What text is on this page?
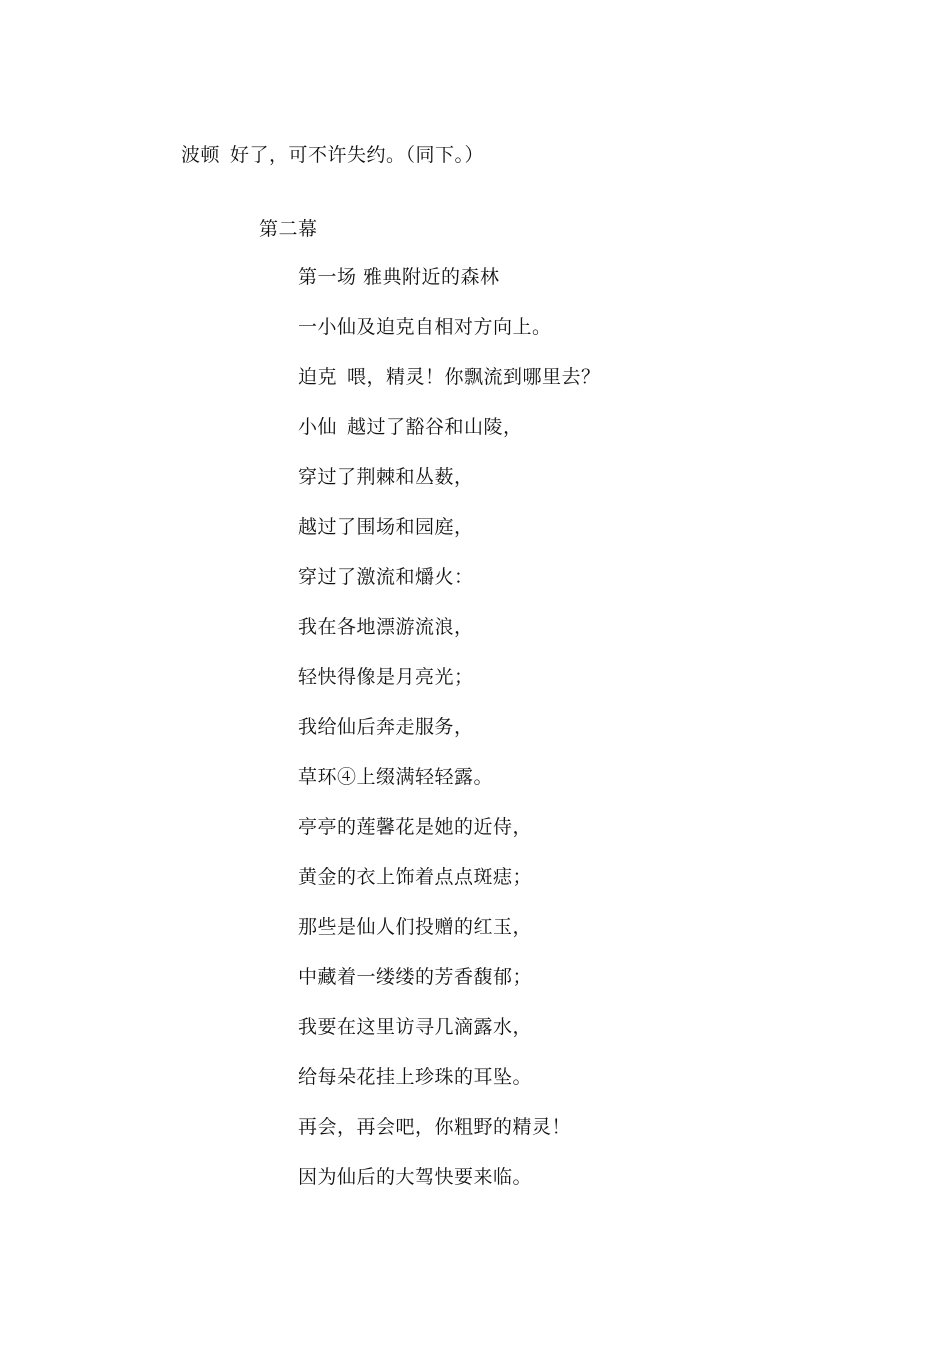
波顿 好了，可不许失约。（同下。）
第二幕
第一场 雅典附近的森林
一小仙及迫克自相对方向上。
迫克 喂，精灵！你飘流到哪里去？
小仙 越过了豁谷和山陵，
穿过了荆棘和丛薮，
越过了围场和园庭，
穿过了激流和爝火：
我在各地漂游流浪，
轻快得像是月亮光；
我给仙后奔走服务，
草环④上缀满轻轻露。
亭亭的莲馨花是她的近侍，
黄金的衣上饰着点点斑痣；
那些是仙人们投赠的红玉，
中藏着一缕缕的芳香馥郁；
我要在这里访寻几滴露水，
给每朵花挂上珍珠的耳坠。
再会，再会吧，你粗野的精灵！
因为仙后的大驾快要来临。
